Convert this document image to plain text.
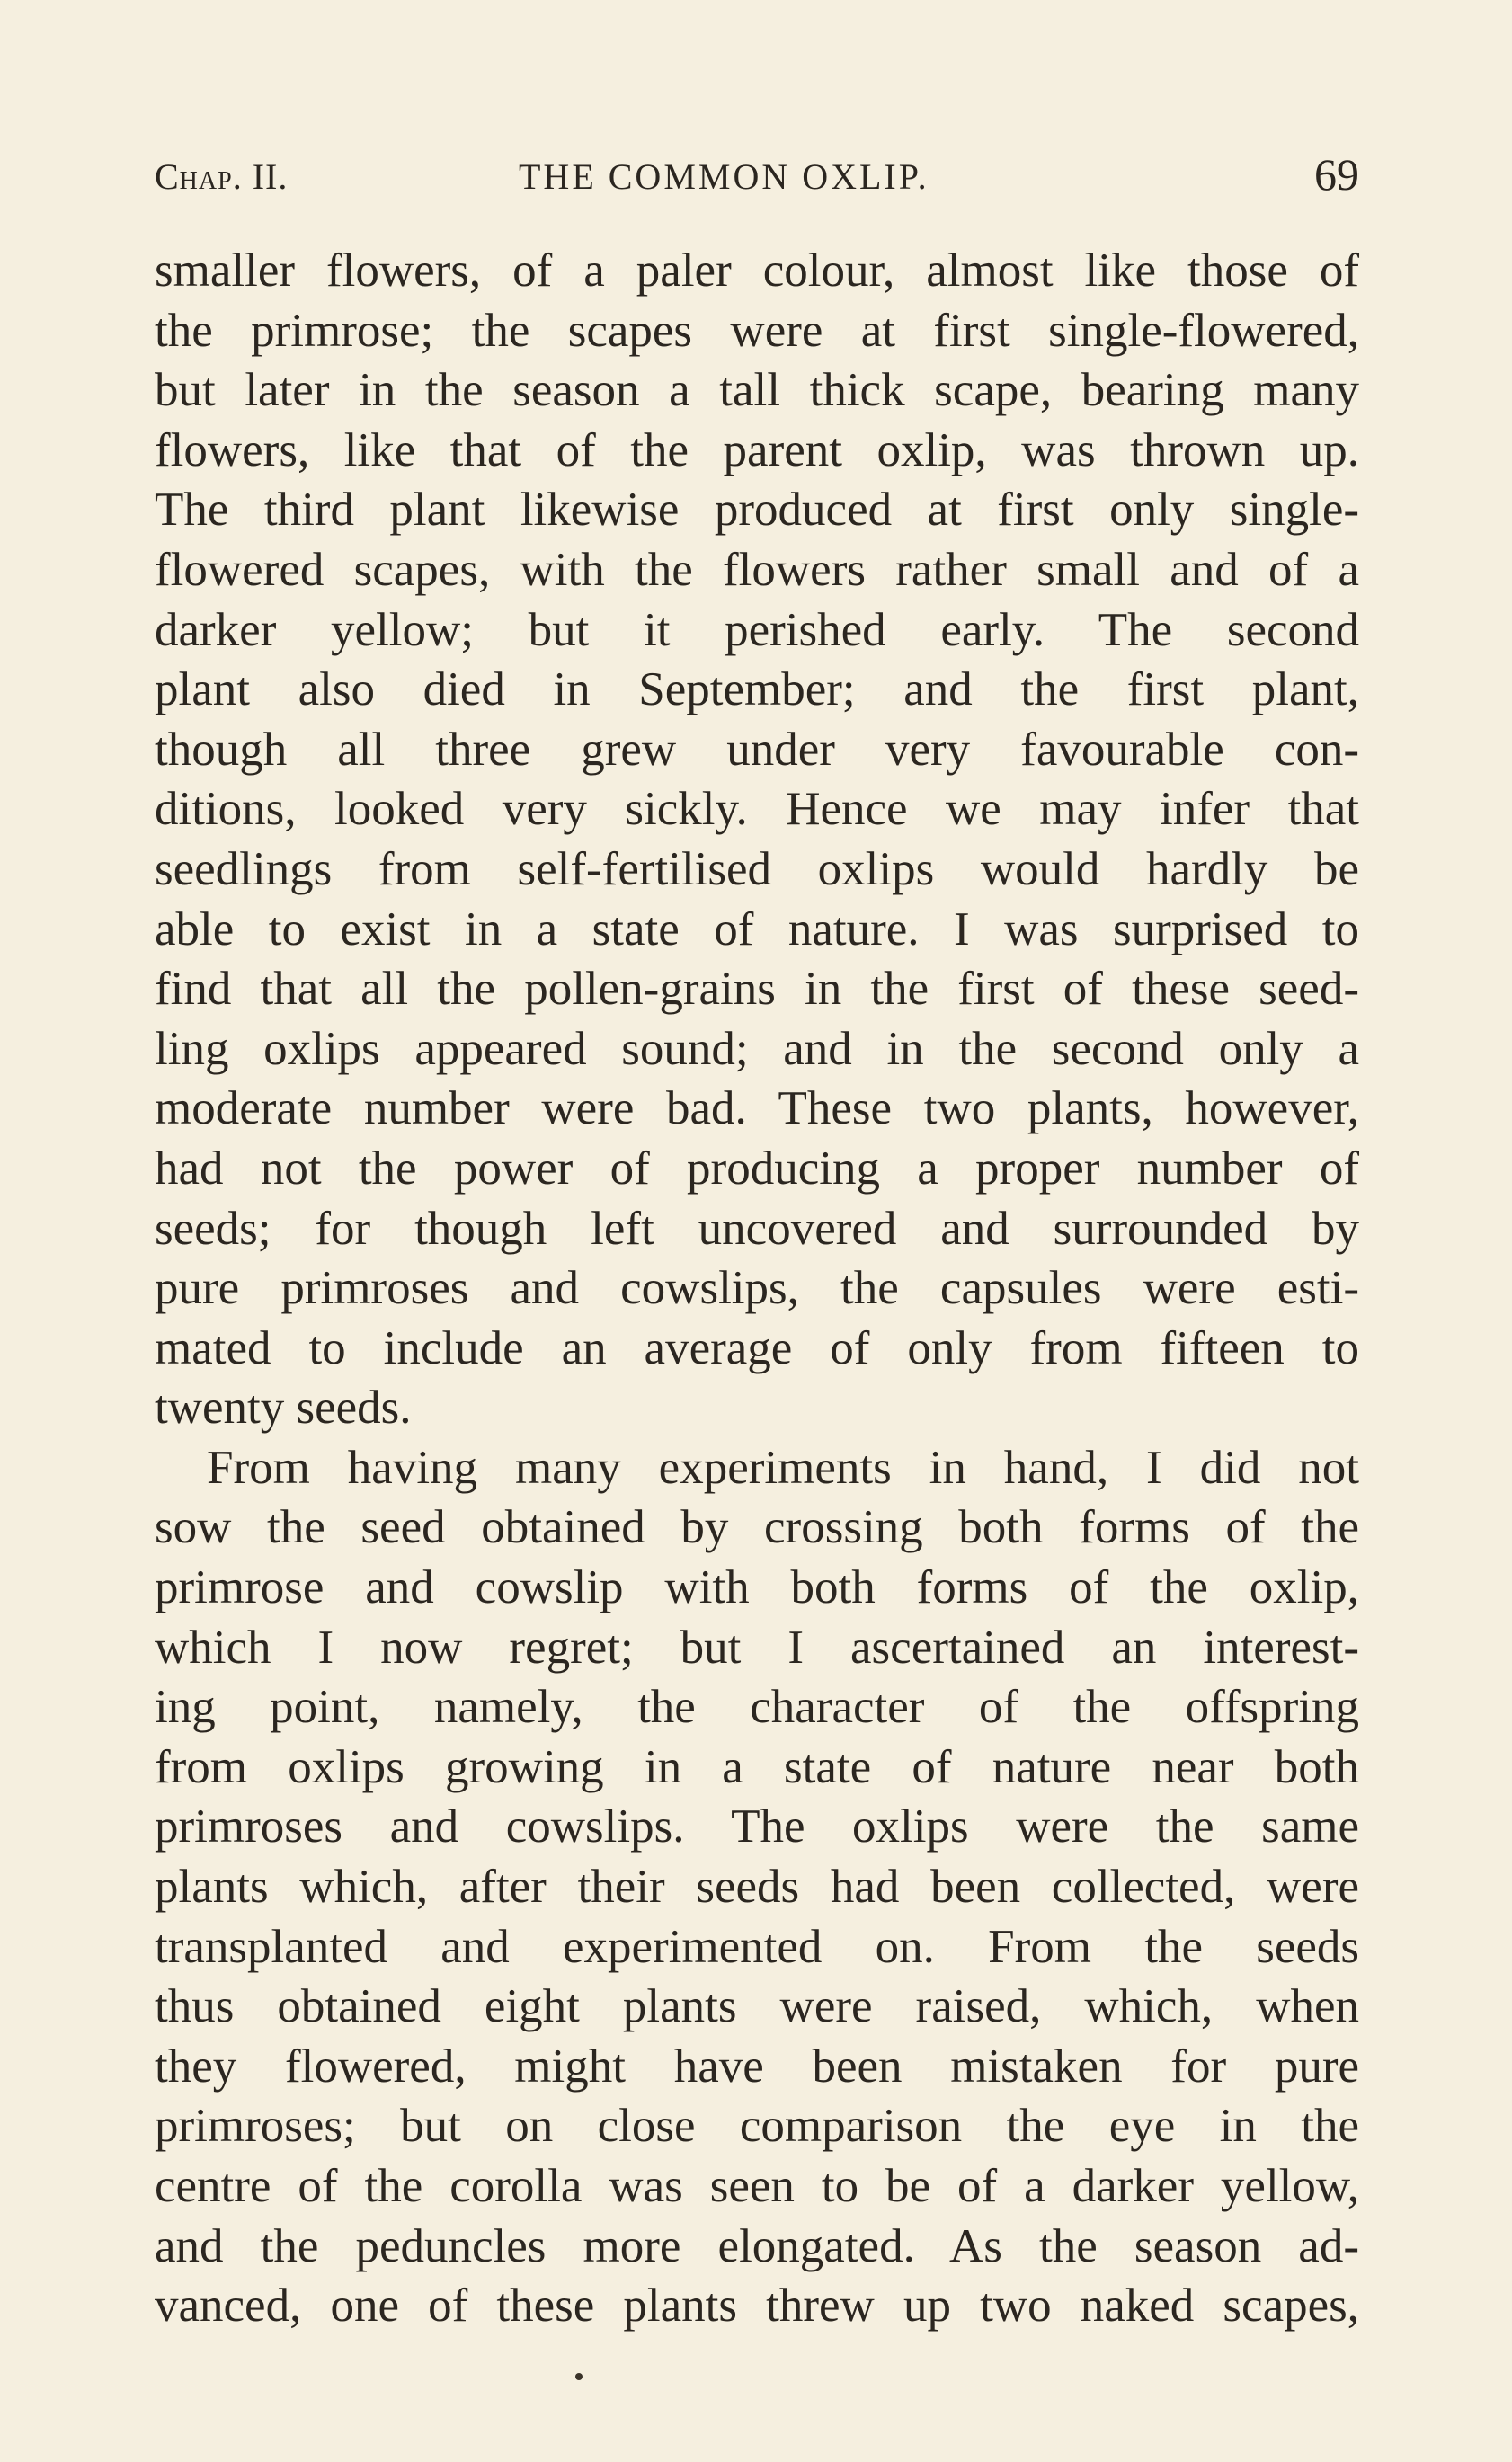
Chap. II.	THE COMMON OXLIP.	69
smaller flowers, of a paler colour, almost like those of
the primrose; the scapes were at first single-flowered,
but later in the season a tall thick scape, bearing many
flowers, like that of the parent oxlip, was thrown up.
The third plant likewise produced at first only single-
flowered scapes, with the flowers rather small and of a
darker yellow; but it perished early. The second
plant also died in September; and the first plant,
though all three grew under very favourable con-
ditions, looked very sickly. Hence we may infer that
seedlings from self-fertilised oxlips would hardly be
able to exist in a state of nature. I was surprised to
find that all the pollen-grains in the first of these seed-
ling oxlips appeared sound; and in the second only a
moderate number were bad. These two plants, however,
had not the power of producing a proper number of
seeds; for though left uncovered and surrounded by
pure primroses and cowslips, the capsules were esti-
mated to include an average of only from fifteen to
twenty seeds.
From having many experiments in hand, I did not
sow the seed obtained by crossing both forms of the
primrose and cowslip with both forms of the oxlip,
which I now regret; but I ascertained an interest-
ing point, namely, the character of the offspring
from oxlips growing in a state of nature near both
primroses and cowslips. The oxlips were the same
plants which, after their seeds had been collected, were
transplanted and experimented on. From the seeds
thus obtained eight plants were raised, which, when
they flowered, might have been mistaken for pure
primroses; but on close comparison the eye in the
centre of the corolla was seen to be of a darker yellow,
and the peduncles more elongated. As the season ad-
vanced, one of these plants threw up two naked scapes,
